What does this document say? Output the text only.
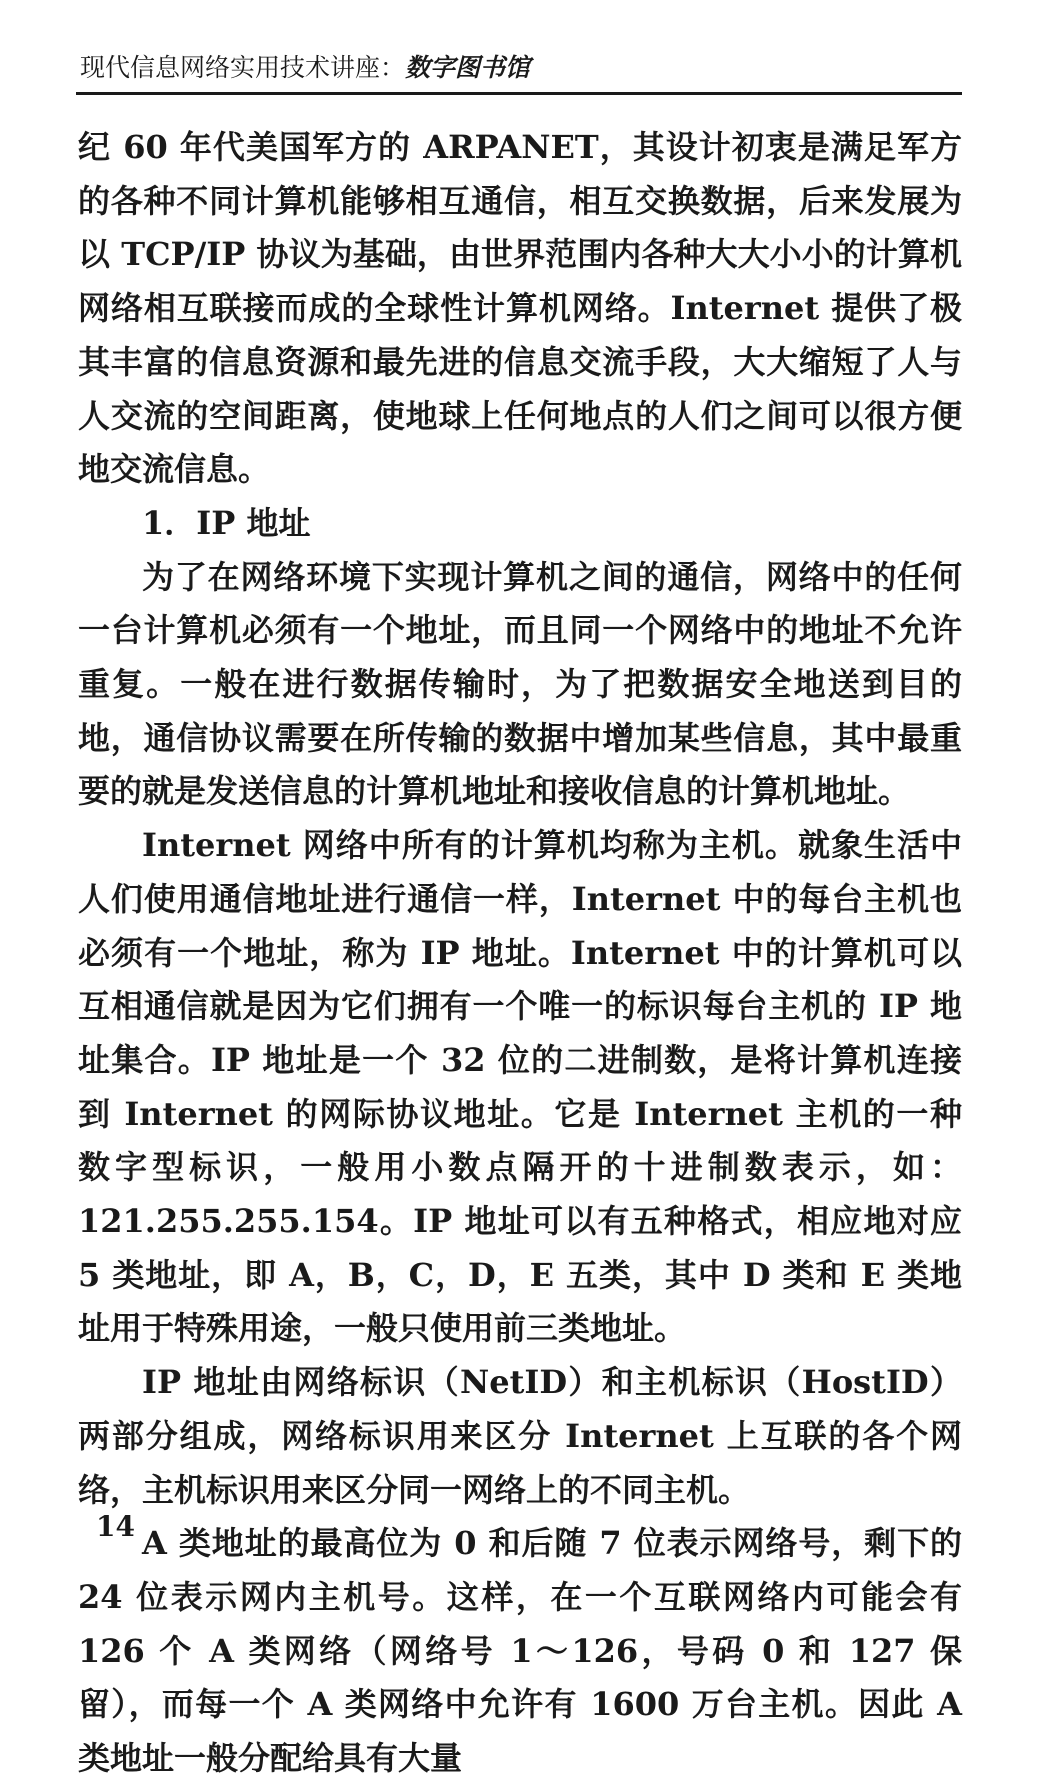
现代信息网络实用技术讲座：数字图书馆

纪 60 年代美国军方的 ARPANET，其设计初衷是满足军方的各种不同计算机能够相互通信，相互交换数据，后来发展为以 TCP/IP 协议为基础，由世界范围内各种大大小小的计算机网络相互联接而成的全球性计算机网络。Internet 提供了极其丰富的信息资源和最先进的信息交流手段，大大缩短了人与人交流的空间距离，使地球上任何地点的人们之间可以很方便地交流信息。

1．IP 地址

为了在网络环境下实现计算机之间的通信，网络中的任何一台计算机必须有一个地址，而且同一个网络中的地址不允许重复。一般在进行数据传输时，为了把数据安全地送到目的地，通信协议需要在所传输的数据中增加某些信息，其中最重要的就是发送信息的计算机地址和接收信息的计算机地址。

Internet 网络中所有的计算机均称为主机。就象生活中人们使用通信地址进行通信一样，Internet 中的每台主机也必须有一个地址，称为 IP 地址。Internet 中的计算机可以互相通信就是因为它们拥有一个唯一的标识每台主机的 IP 地址集合。IP 地址是一个 32 位的二进制数，是将计算机连接到 Internet 的网际协议地址。它是 Internet 主机的一种数字型标识，一般用小数点隔开的十进制数表示，如：121.255.255.154。IP 地址可以有五种格式，相应地对应 5 类地址，即 A，B，C，D，E 五类，其中 D 类和 E 类地址用于特殊用途，一般只使用前三类地址。

IP 地址由网络标识（NetID）和主机标识（HostID）两部分组成，网络标识用来区分 Internet 上互联的各个网络，主机标识用来区分同一网络上的不同主机。

A 类地址的最高位为 0 和后随 7 位表示网络号，剩下的 24 位表示网内主机号。这样，在一个互联网络内可能会有 126 个 A 类网络（网络号 1～126，号码 0 和 127 保留），而每一个 A 类网络中允许有 1600 万台主机。因此 A 类地址一般分配给具有大量

14
